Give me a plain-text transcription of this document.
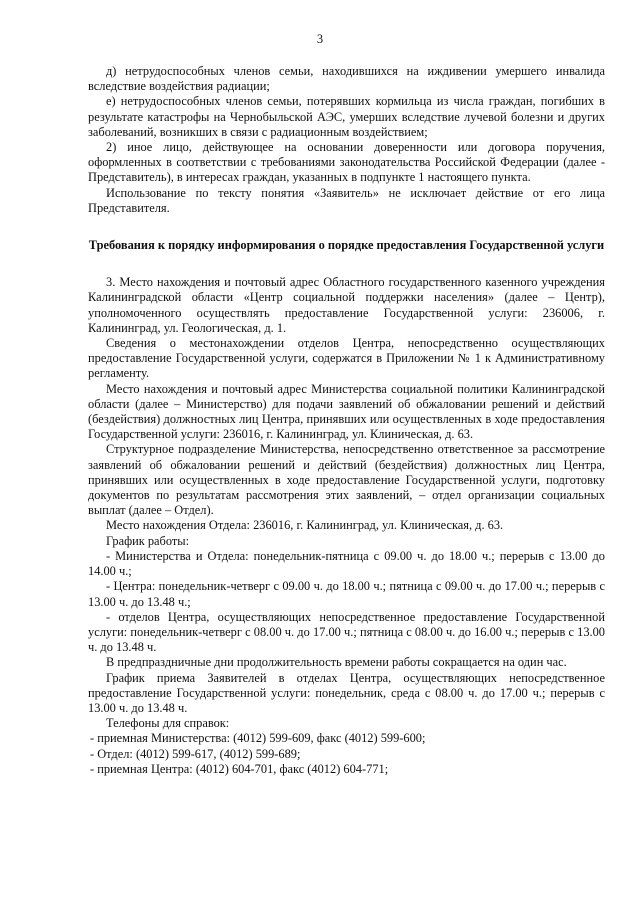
3

д) нетрудоспособных членов семьи, находившихся на иждивении умершего инвалида вследствие воздействия радиации;

е) нетрудоспособных членов семьи, потерявших кормильца из числа граждан, погибших в результате катастрофы на Чернобыльской АЭС, умерших вследствие лучевой болезни и других заболеваний, возникших в связи с радиационным воздействием;

2) иное лицо, действующее на основании доверенности или договора поручения, оформленных в соответствии с требованиями законодательства Российской Федерации (далее - Представитель), в интересах граждан, указанных в подпункте 1 настоящего пункта.

Использование по тексту понятия «Заявитель» не исключает действие от его лица Представителя.

Требования к порядку информирования о порядке предоставления Государственной услуги

3. Место нахождения и почтовый адрес Областного государственного казенного учреждения Калининградской области «Центр социальной поддержки населения» (далее – Центр), уполномоченного осуществлять предоставление Государственной услуги: 236006, г. Калининград, ул. Геологическая, д. 1.

Сведения о местонахождении отделов Центра, непосредственно осуществляющих предоставление Государственной услуги, содержатся в Приложении № 1 к Административному регламенту.

Место нахождения и почтовый адрес Министерства социальной политики Калининградской области (далее – Министерство) для подачи заявлений об обжаловании решений и действий (бездействия) должностных лиц Центра, принявших или осуществленных в ходе предоставления Государственной услуги: 236016, г. Калининград, ул. Клиническая, д. 63.

Структурное подразделение Министерства, непосредственно ответственное за рассмотрение заявлений об обжаловании решений и действий (бездействия) должностных лиц Центра, принявших или осуществленных в ходе предоставление Государственной услуги, подготовку документов по результатам рассмотрения этих заявлений, – отдел организации социальных выплат (далее – Отдел).

Место нахождения Отдела: 236016, г. Калининград, ул. Клиническая, д. 63.

График работы:

- Министерства и Отдела: понедельник-пятница с 09.00 ч. до 18.00 ч.; перерыв с 13.00 до 14.00 ч.;

- Центра: понедельник-четверг с 09.00 ч. до 18.00 ч.; пятница с 09.00 ч. до 17.00 ч.; перерыв с 13.00 ч. до 13.48 ч.;

- отделов Центра, осуществляющих непосредственное предоставление Государственной услуги: понедельник-четверг с 08.00 ч. до 17.00 ч.; пятница с 08.00 ч. до 16.00 ч.; перерыв с 13.00 ч. до 13.48 ч.

В предпраздничные дни продолжительность времени работы сокращается на один час.

График приема Заявителей в отделах Центра, осуществляющих непосредственное предоставление Государственной услуги: понедельник, среда с 08.00 ч. до 17.00 ч.; перерыв с 13.00 ч. до 13.48 ч.

Телефоны для справок:

- приемная Министерства: (4012) 599-609, факс (4012) 599-600;

- Отдел: (4012) 599-617, (4012) 599-689;

- приемная Центра: (4012) 604-701, факс (4012) 604-771;
